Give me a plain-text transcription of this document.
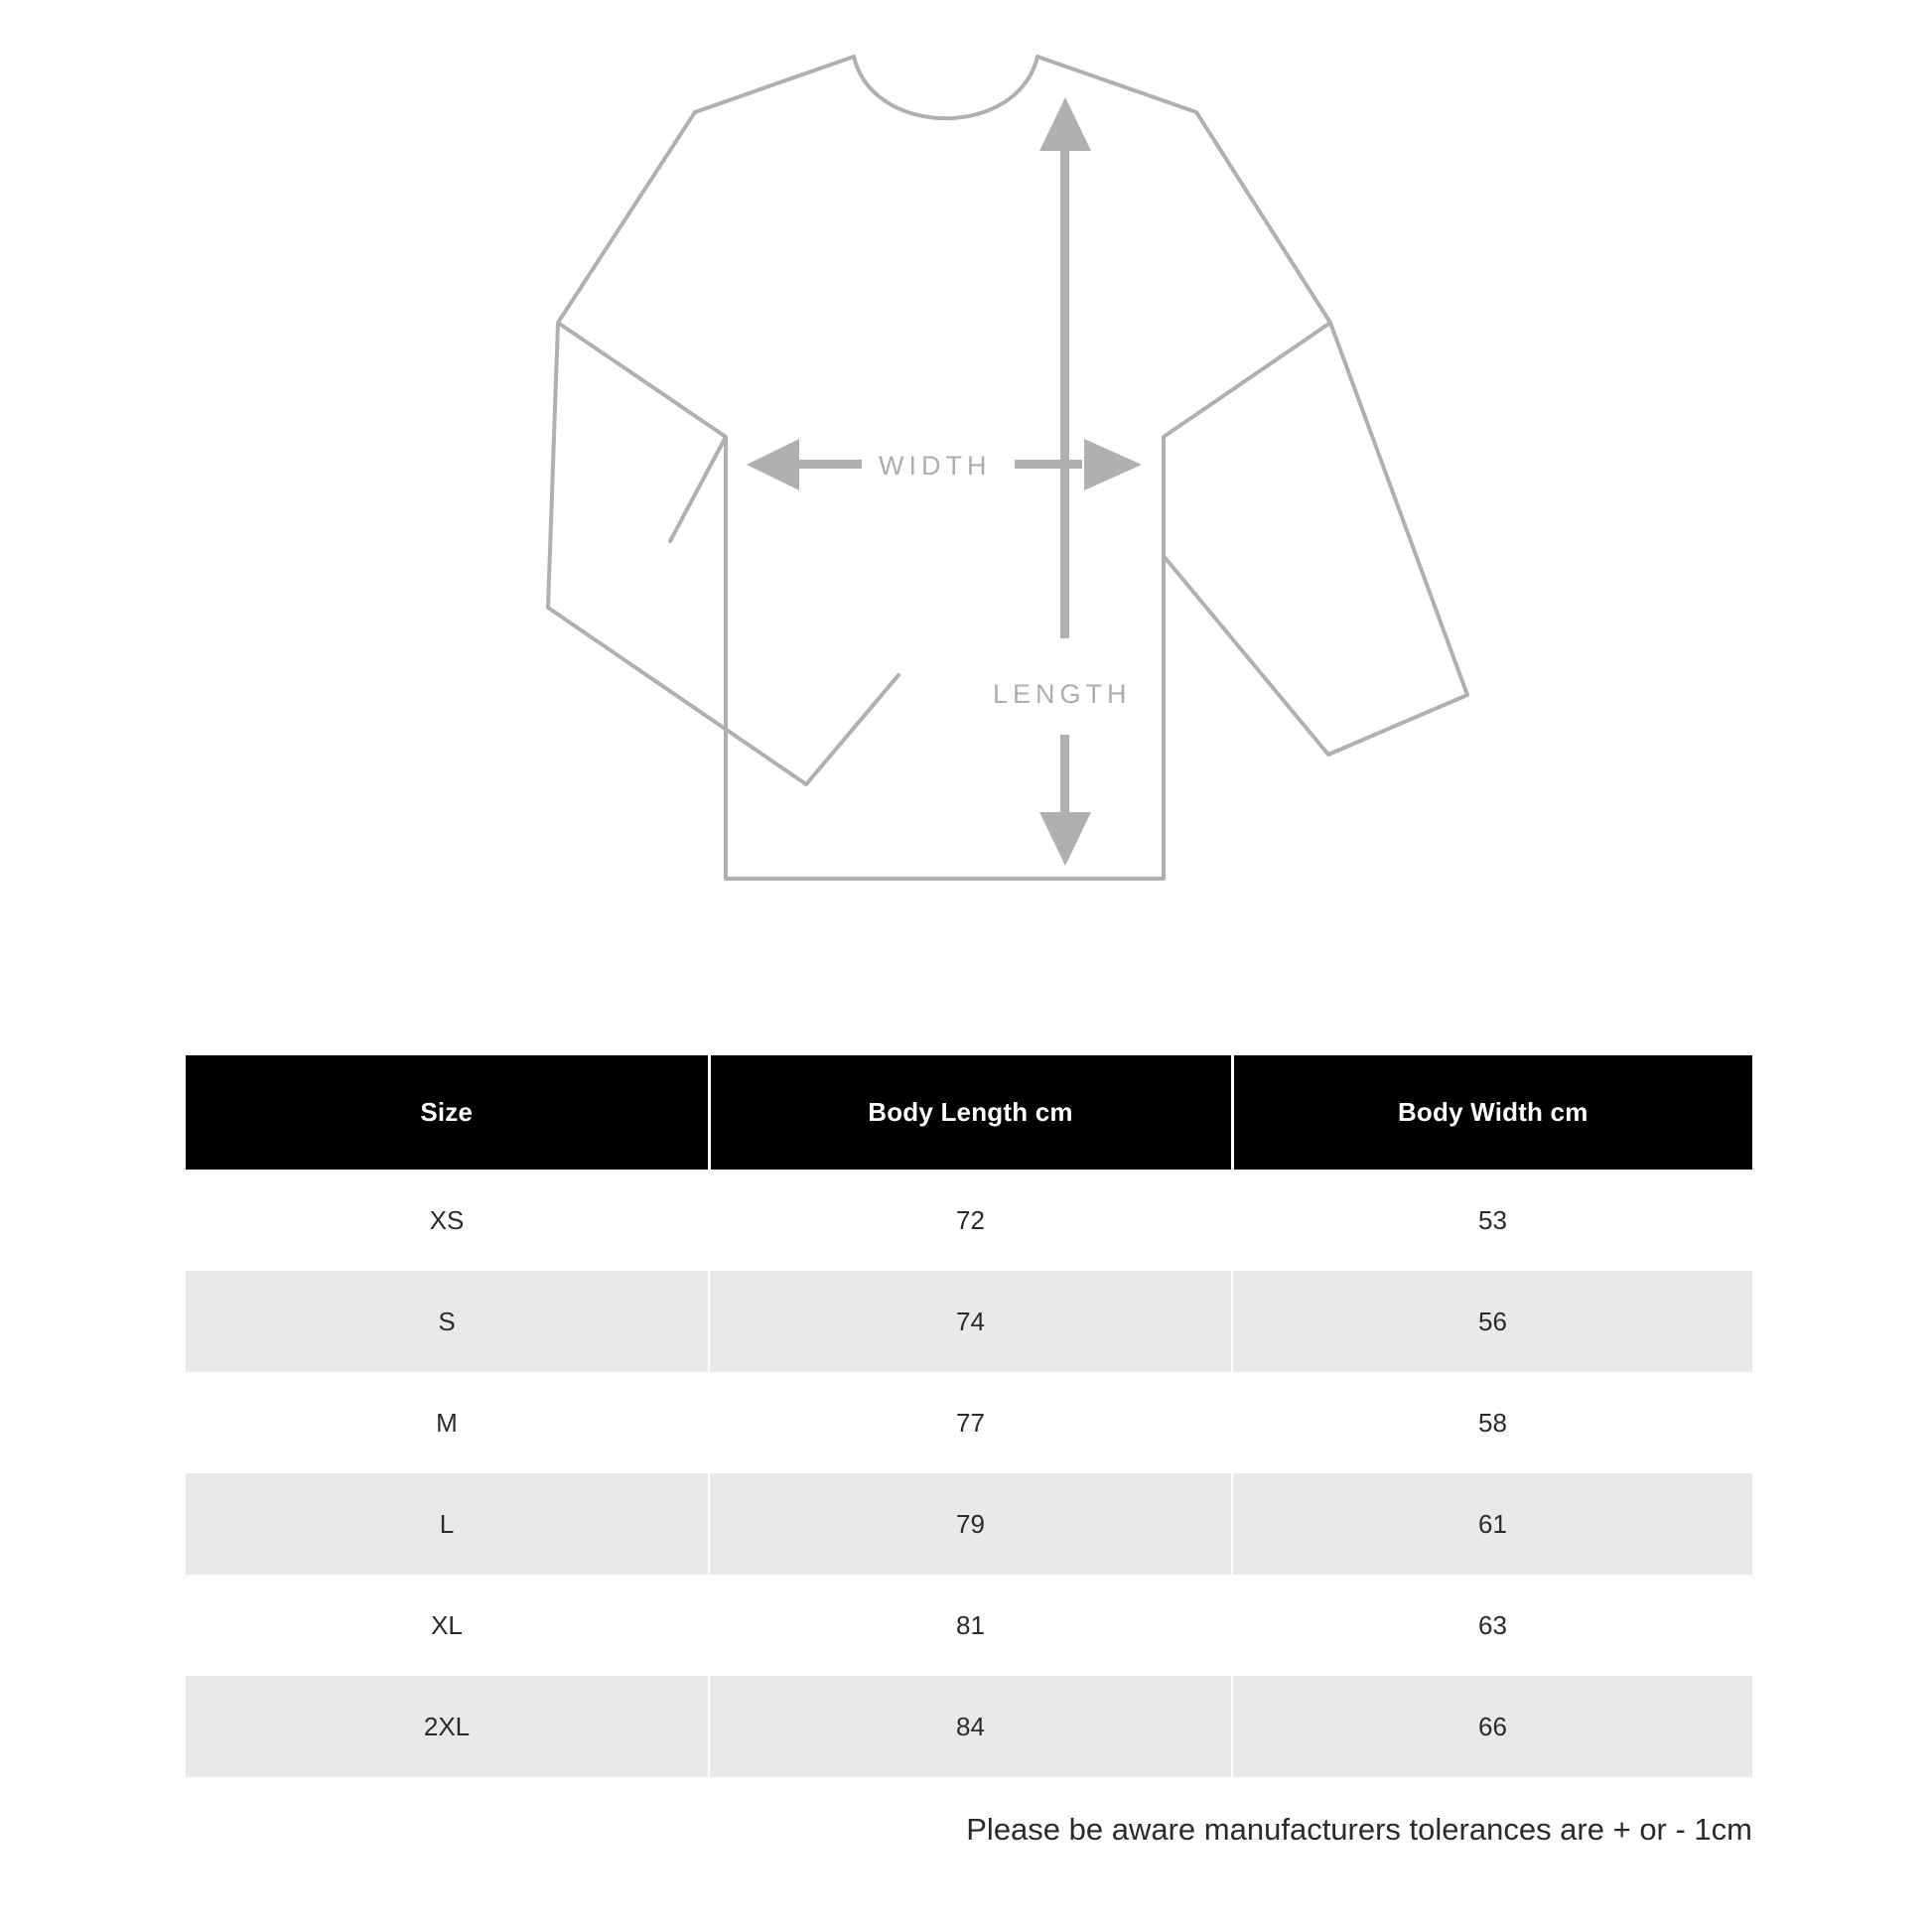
WIDTH
LENGTH
Size	Body Length cm	Body Width cm
XS	72	53
S	74	56
M	77	58
L	79	61
XL	81	63
2XL	84	66
Please be aware manufacturers tolerances are + or - 1cm
